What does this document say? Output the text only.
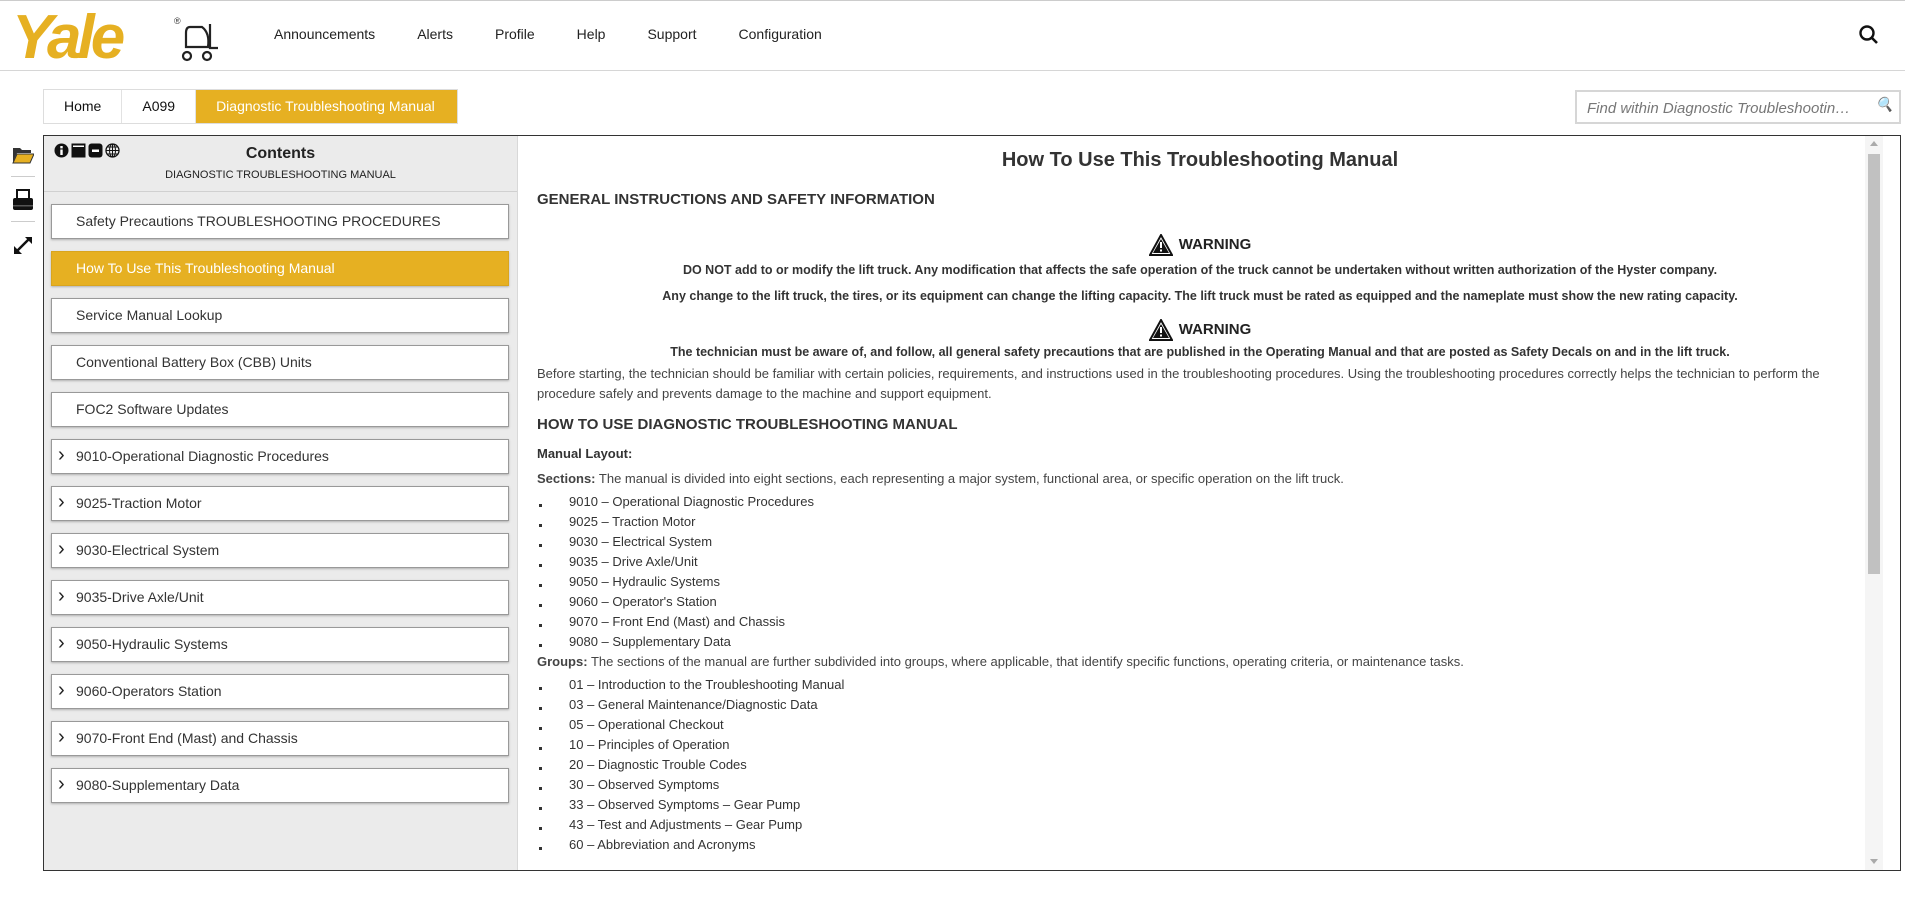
Yale	®
Announcements	Alerts	Profile	Help	Support	Configuration
Home	A099	Diagnostic Troubleshooting Manual	Find within Diagnostic Troubleshootin… 🔍
Contents
DIAGNOSTIC TROUBLESHOOTING MANUAL
Safety Precautions TROUBLESHOOTING PROCEDURES
How To Use This Troubleshooting Manual
Service Manual Lookup
Conventional Battery Box (CBB) Units
FOC2 Software Updates
› 9010-Operational Diagnostic Procedures
› 9025-Traction Motor
› 9030-Electrical System
› 9035-Drive Axle/Unit
› 9050-Hydraulic Systems
› 9060-Operators Station
› 9070-Front End (Mast) and Chassis
› 9080-Supplementary Data
How To Use This Troubleshooting Manual
GENERAL INSTRUCTIONS AND SAFETY INFORMATION
WARNING
DO NOT add to or modify the lift truck. Any modification that affects the safe operation of the truck cannot be undertaken without written authorization of the Hyster company.
Any change to the lift truck, the tires, or its equipment can change the lifting capacity. The lift truck must be rated as equipped and the nameplate must show the new rating capacity.
WARNING
The technician must be aware of, and follow, all general safety precautions that are published in the Operating Manual and that are posted as Safety Decals on and in the lift truck.
Before starting, the technician should be familiar with certain policies, requirements, and instructions used in the troubleshooting procedures. Using the troubleshooting procedures correctly helps the technician to perform the procedure safely and prevents damage to the machine and support equipment.
HOW TO USE DIAGNOSTIC TROUBLESHOOTING MANUAL
Manual Layout:
Sections: The manual is divided into eight sections, each representing a major system, functional area, or specific operation on the lift truck.
9010 – Operational Diagnostic Procedures
9025 – Traction Motor
9030 – Electrical System
9035 – Drive Axle/Unit
9050 – Hydraulic Systems
9060 – Operator's Station
9070 – Front End (Mast) and Chassis
9080 – Supplementary Data
Groups: The sections of the manual are further subdivided into groups, where applicable, that identify specific functions, operating criteria, or maintenance tasks.
01 – Introduction to the Troubleshooting Manual
03 – General Maintenance/Diagnostic Data
05 – Operational Checkout
10 – Principles of Operation
20 – Diagnostic Trouble Codes
30 – Observed Symptoms
33 – Observed Symptoms – Gear Pump
43 – Test and Adjustments – Gear Pump
60 – Abbreviation and Acronyms
